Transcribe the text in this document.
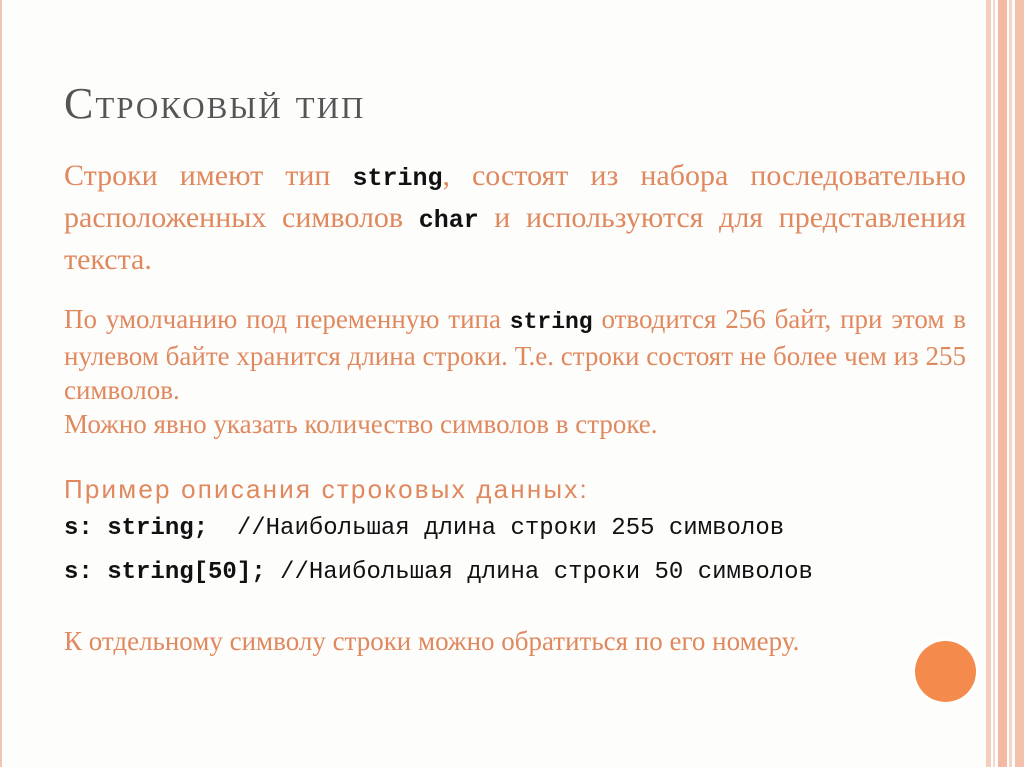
Строковый тип

Строки имеют тип string, состоят из набора последовательно расположенных символов char и используются для представления текста.

По умолчанию под переменную типа string отводится 256 байт, при этом в нулевом байте хранится длина строки. Т.е. строки состоят не более чем из 255 символов.
Можно явно указать количество символов в строке.

Пример описания строковых данных:

s: string;  //Наибольшая длина строки 255 символов

s: string[50]; //Наибольшая длина строки 50 символов

К отдельному символу строки можно обратиться по его номеру.
